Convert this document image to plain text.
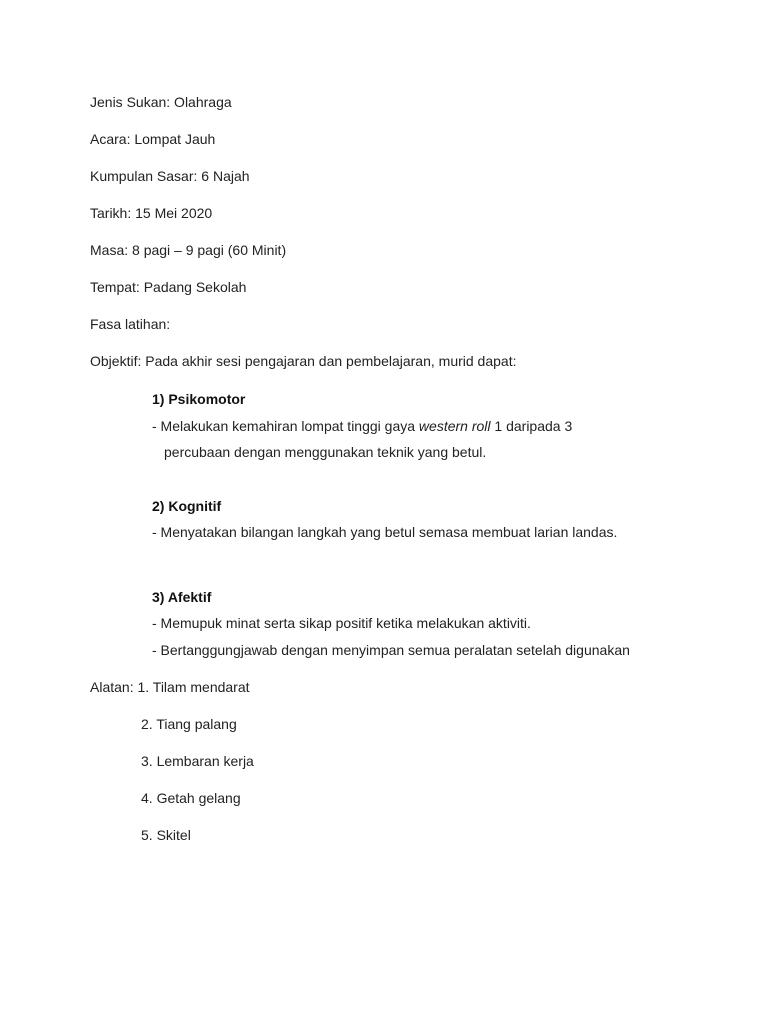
Jenis Sukan: Olahraga
Acara: Lompat Jauh
Kumpulan Sasar: 6 Najah
Tarikh: 15 Mei 2020
Masa: 8 pagi – 9 pagi (60 Minit)
Tempat: Padang Sekolah
Fasa latihan:
Objektif: Pada akhir sesi pengajaran dan pembelajaran, murid dapat:
1) Psikomotor
- Melakukan kemahiran lompat tinggi gaya western roll 1 daripada 3
percubaan dengan menggunakan teknik yang betul.
2) Kognitif
- Menyatakan bilangan langkah yang betul semasa membuat larian landas.
3) Afektif
- Memupuk minat serta sikap positif ketika melakukan aktiviti.
- Bertanggungjawab dengan menyimpan semua peralatan setelah digunakan
Alatan: 1. Tilam mendarat
2. Tiang palang
3. Lembaran kerja
4. Getah gelang
5. Skitel
